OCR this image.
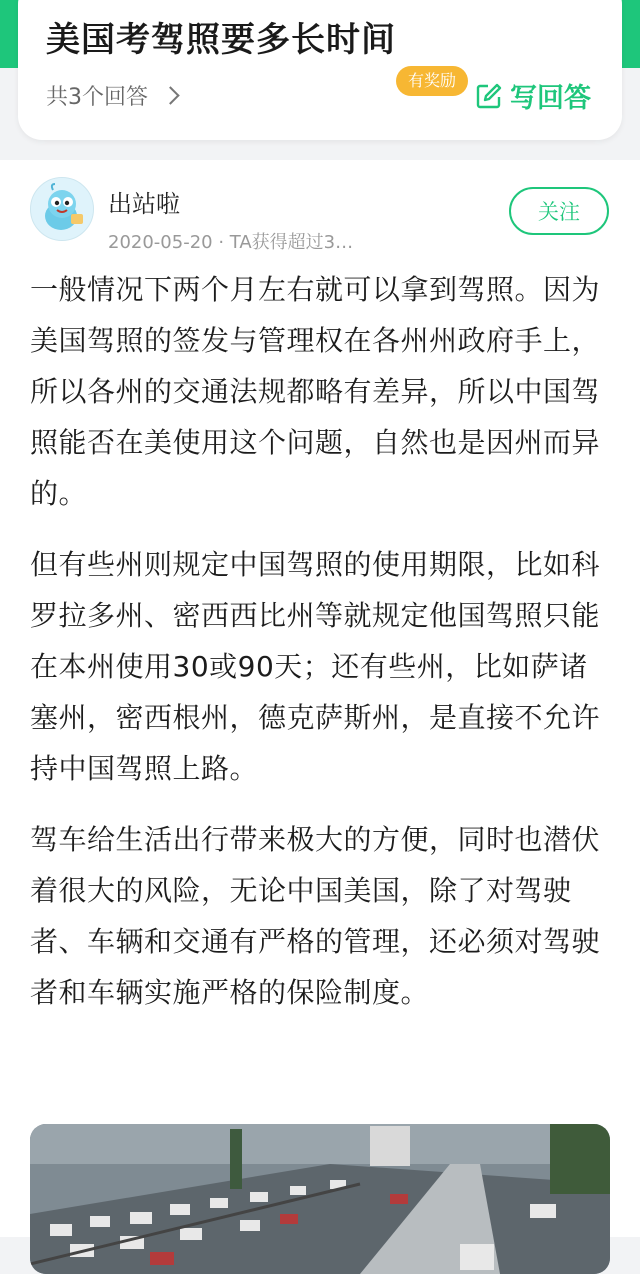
美国考驾照要多长时间
共3个回答
有奖励
写回答
出站啦
2020-05-20 · TA获得超过3…
关注

一般情况下两个月左右就可以拿到驾照。因为美国驾照的签发与管理权在各州州政府手上，所以各州的交通法规都略有差异，所以中国驾照能否在美使用这个问题，自然也是因州而异的。

但有些州则规定中国驾照的使用期限，比如科罗拉多州、密西西比州等就规定他国驾照只能在本州使用30或90天；还有些州，比如萨诸塞州，密西根州，德克萨斯州，是直接不允许持中国驾照上路。

驾车给生活出行带来极大的方便，同时也潜伏着很大的风险，无论中国美国，除了对驾驶者、车辆和交通有严格的管理，还必须对驾驶者和车辆实施严格的保险制度。
